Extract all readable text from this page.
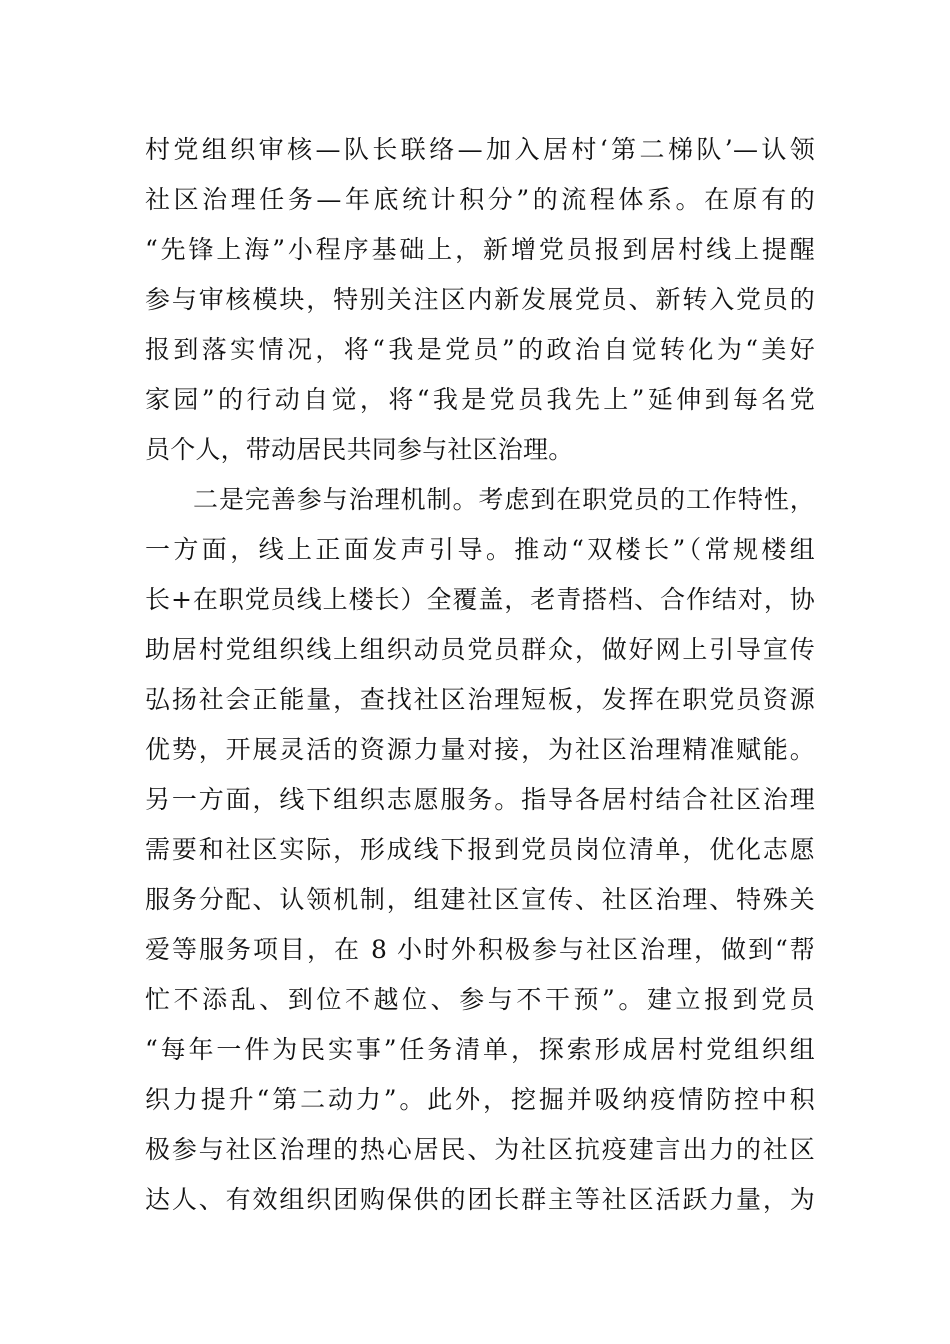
村党组织审核—队长联络—加入居村‘第二梯队’—认领
社区治理任务—年底统计积分”的流程体系。在原有的
“先锋上海”小程序基础上，新增党员报到居村线上提醒
参与审核模块，特别关注区内新发展党员、新转入党员的
报到落实情况，将“我是党员”的政治自觉转化为“美好
家园”的行动自觉，将“我是党员我先上”延伸到每名党
员个人，带动居民共同参与社区治理。
二是完善参与治理机制。考虑到在职党员的工作特性，
一方面，线上正面发声引导。推动“双楼长”（常规楼组
长+在职党员线上楼长）全覆盖，老青搭档、合作结对，协
助居村党组织线上组织动员党员群众，做好网上引导宣传
弘扬社会正能量，查找社区治理短板，发挥在职党员资源
优势，开展灵活的资源力量对接，为社区治理精准赋能。
另一方面，线下组织志愿服务。指导各居村结合社区治理
需要和社区实际，形成线下报到党员岗位清单，优化志愿
服务分配、认领机制，组建社区宣传、社区治理、特殊关
爱等服务项目，在 8 小时外积极参与社区治理，做到“帮
忙不添乱、到位不越位、参与不干预”。建立报到党员
“每年一件为民实事”任务清单，探索形成居村党组织组
织力提升“第二动力”。此外，挖掘并吸纳疫情防控中积
极参与社区治理的热心居民、为社区抗疫建言出力的社区
达人、有效组织团购保供的团长群主等社区活跃力量，为
